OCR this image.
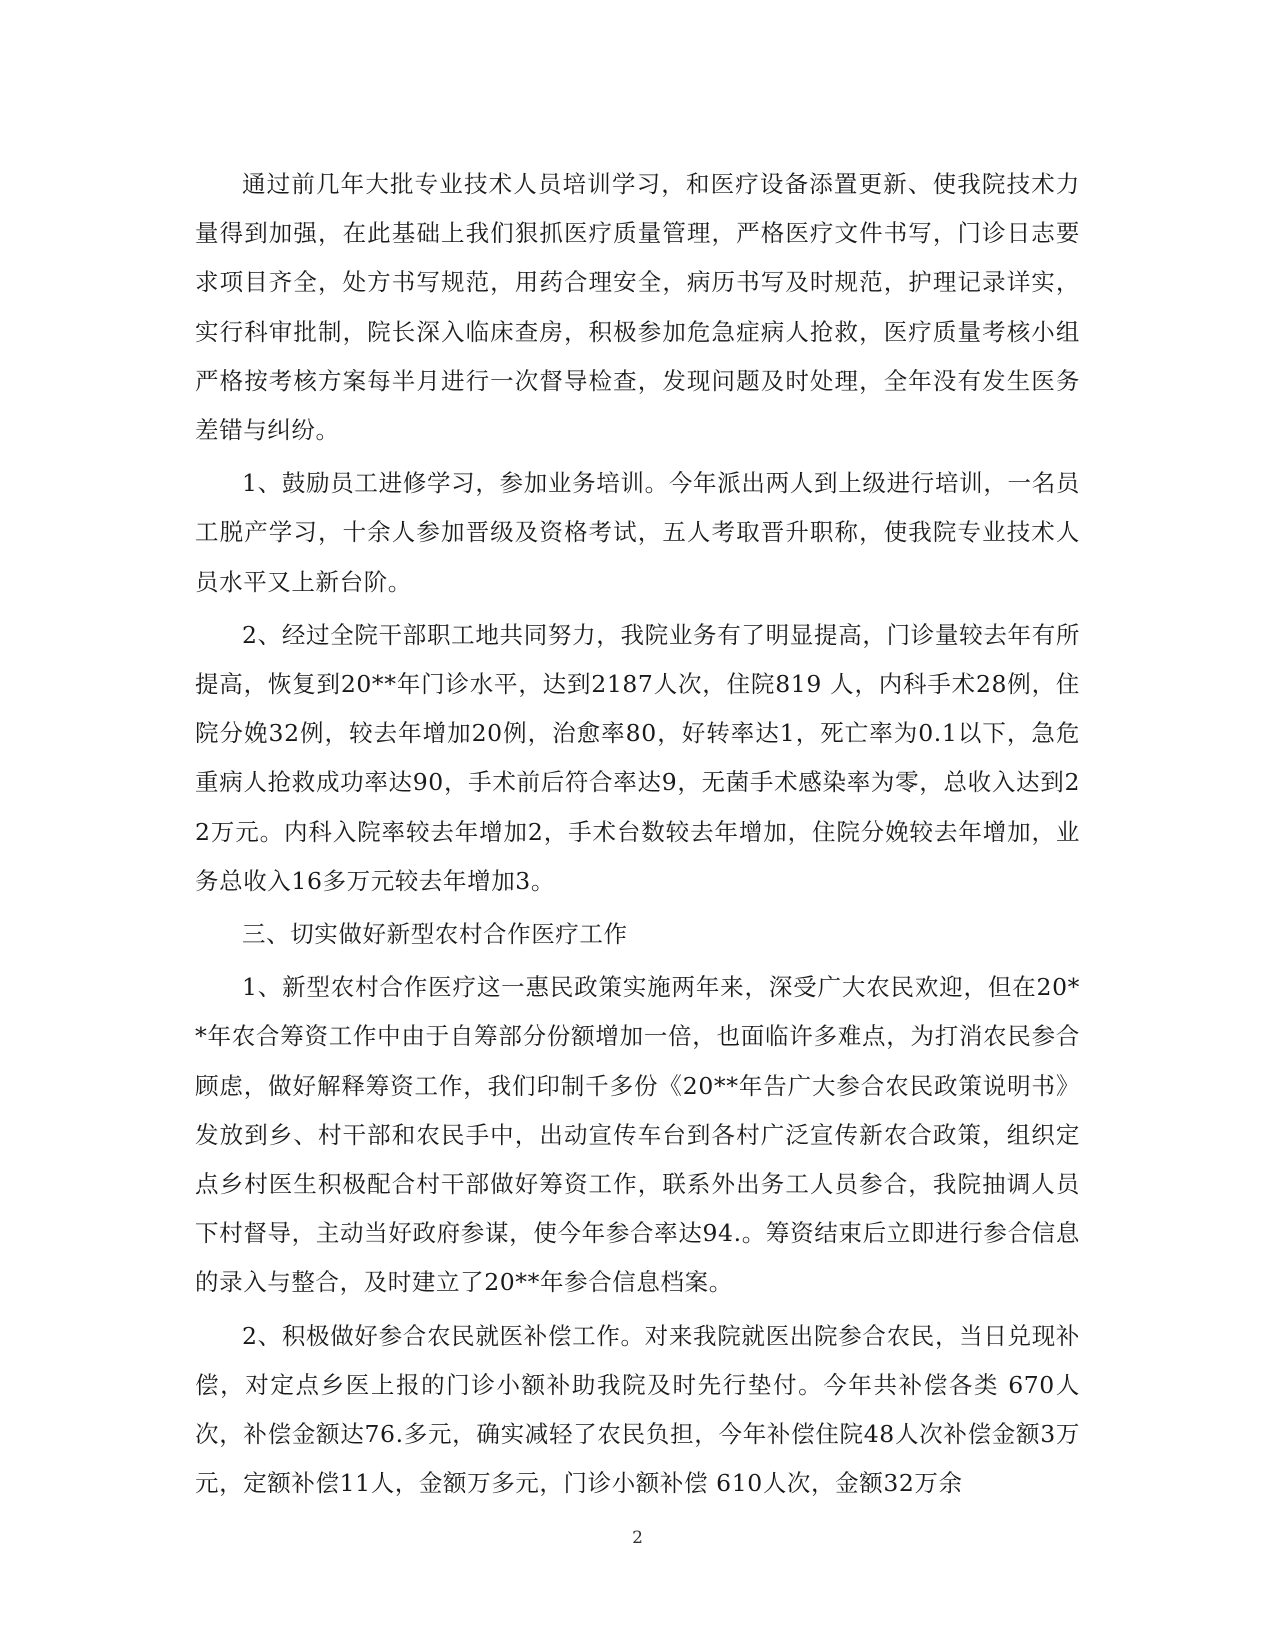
通过前几年大批专业技术人员培训学习，和医疗设备添置更新、使我院技术力量得到加强，在此基础上我们狠抓医疗质量管理，严格医疗文件书写，门诊日志要求项目齐全，处方书写规范，用药合理安全，病历书写及时规范，护理记录详实，实行科审批制，院长深入临床查房，积极参加危急症病人抢救，医疗质量考核小组严格按考核方案每半月进行一次督导检查，发现问题及时处理，全年没有发生医务差错与纠纷。

1、鼓励员工进修学习，参加业务培训。今年派出两人到上级进行培训，一名员工脱产学习，十余人参加晋级及资格考试，五人考取晋升职称，使我院专业技术人员水平又上新台阶。

2、经过全院干部职工地共同努力，我院业务有了明显提高，门诊量较去年有所提高，恢复到20**年门诊水平，达到2187人次，住院819 人，内科手术28例，住院分娩32例，较去年增加20例，治愈率80，好转率达1，死亡率为0.1以下，急危重病人抢救成功率达90，手术前后符合率达9，无菌手术感染率为零，总收入达到22万元。内科入院率较去年增加2，手术台数较去年增加，住院分娩较去年增加，业务总收入16多万元较去年增加3。

三、切实做好新型农村合作医疗工作

1、新型农村合作医疗这一惠民政策实施两年来，深受广大农民欢迎，但在20**年农合筹资工作中由于自筹部分份额增加一倍，也面临许多难点，为打消农民参合顾虑，做好解释筹资工作，我们印制千多份《20**年告广大参合农民政策说明书》发放到乡、村干部和农民手中，出动宣传车台到各村广泛宣传新农合政策，组织定点乡村医生积极配合村干部做好筹资工作，联系外出务工人员参合，我院抽调人员下村督导，主动当好政府参谋，使今年参合率达94.。筹资结束后立即进行参合信息的录入与整合，及时建立了20**年参合信息档案。

2、积极做好参合农民就医补偿工作。对来我院就医出院参合农民，当日兑现补偿，对定点乡医上报的门诊小额补助我院及时先行垫付。今年共补偿各类 670人次，补偿金额达76.多元，确实减轻了农民负担，今年补偿住院48人次补偿金额3万元，定额补偿11人，金额万多元，门诊小额补偿 610人次，金额32万余

2
